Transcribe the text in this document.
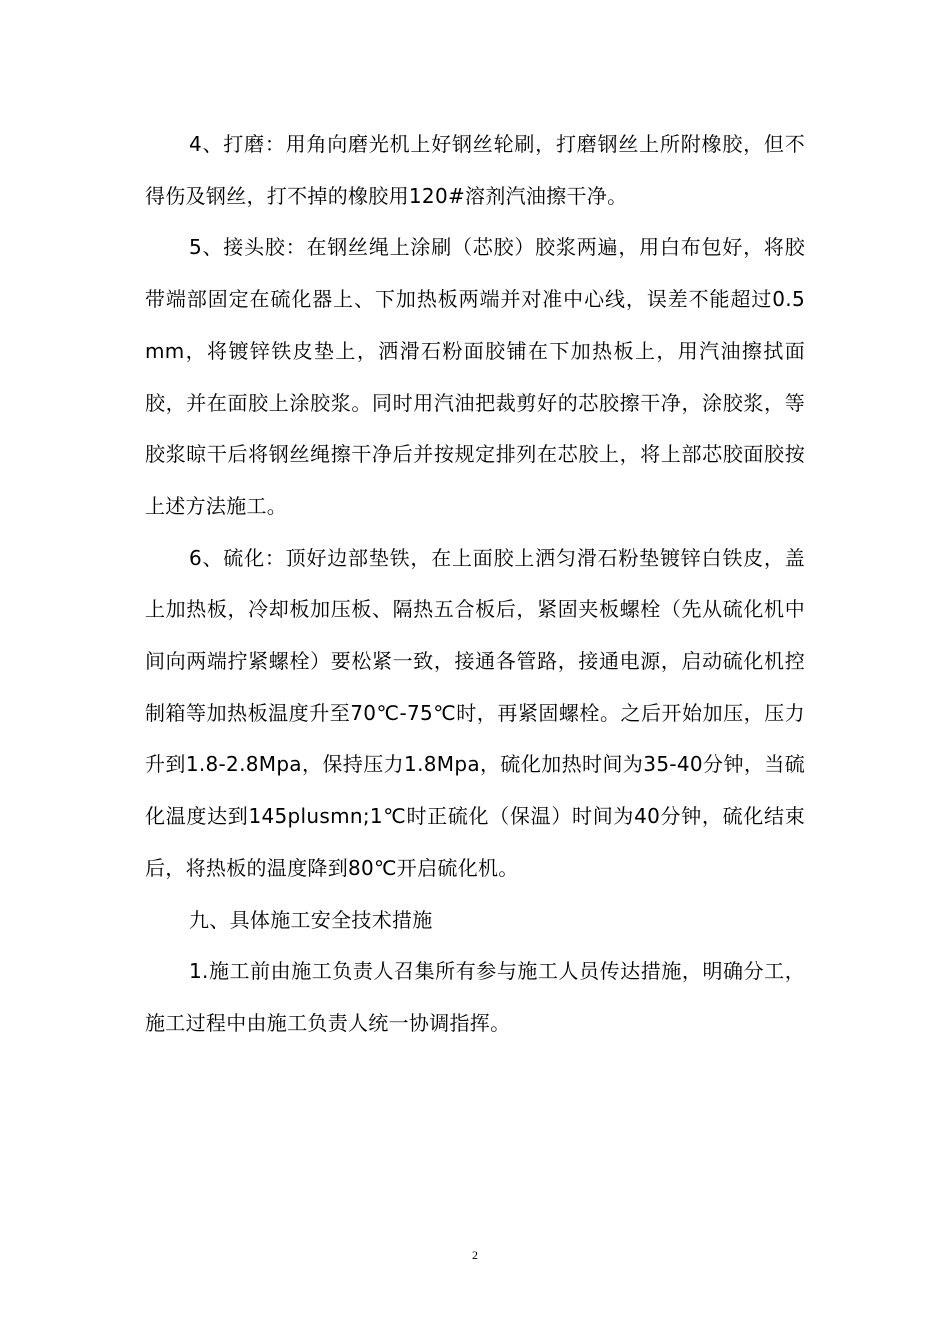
4、打磨：用角向磨光机上好钢丝轮刷，打磨钢丝上所附橡胶，但不得伤及钢丝，打不掉的橡胶用120#溶剂汽油擦干净。

5、接头胶：在钢丝绳上涂刷（芯胶）胶浆两遍，用白布包好，将胶带端部固定在硫化器上、下加热板两端并对准中心线，误差不能超过0.5mm，将镀锌铁皮垫上，洒滑石粉面胶铺在下加热板上，用汽油擦拭面胶，并在面胶上涂胶浆。同时用汽油把裁剪好的芯胶擦干净，涂胶浆，等胶浆晾干后将钢丝绳擦干净后并按规定排列在芯胶上，将上部芯胶面胶按上述方法施工。

6、硫化：顶好边部垫铁，在上面胶上洒匀滑石粉垫镀锌白铁皮，盖上加热板，冷却板加压板、隔热五合板后，紧固夹板螺栓（先从硫化机中间向两端拧紧螺栓）要松紧一致，接通各管路，接通电源，启动硫化机控制箱等加热板温度升至70℃-75℃时，再紧固螺栓。之后开始加压，压力升到1.8-2.8Mpa，保持压力1.8Mpa，硫化加热时间为35-40分钟，当硫化温度达到145plusmn;1℃时正硫化（保温）时间为40分钟，硫化结束后，将热板的温度降到80℃开启硫化机。

九、具体施工安全技术措施

1.施工前由施工负责人召集所有参与施工人员传达措施，明确分工，施工过程中由施工负责人统一协调指挥。

2
